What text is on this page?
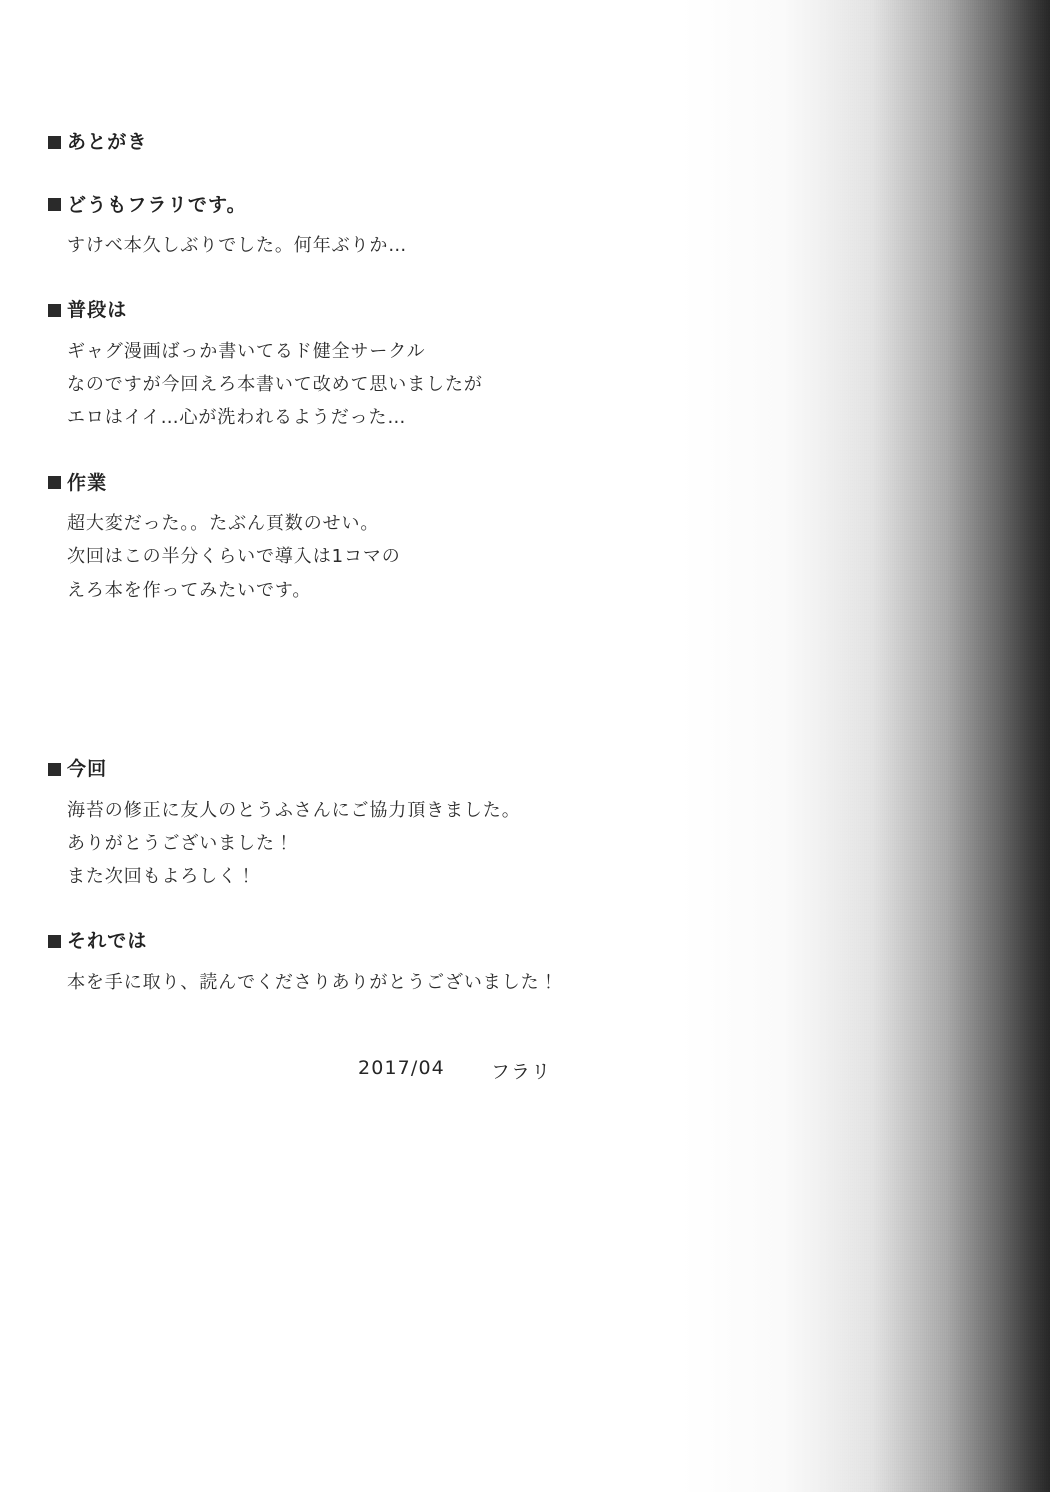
あとがき
どうもフラリです。
すけべ本久しぶりでした。何年ぶりか…
普段は
ギャグ漫画ばっか書いてるド健全サークル
なのですが今回えろ本書いて改めて思いましたが
エロはイイ…心が洗われるようだった…
作業
超大変だった。。たぶん頁数のせい。
次回はこの半分くらいで導入は1コマの
えろ本を作ってみたいです。
今回
海苔の修正に友人のとうふさんにご協力頂きました。
ありがとうございました！
また次回もよろしく！
それでは
本を手に取り、読んでくださりありがとうございました！
2017/04 フラリ
